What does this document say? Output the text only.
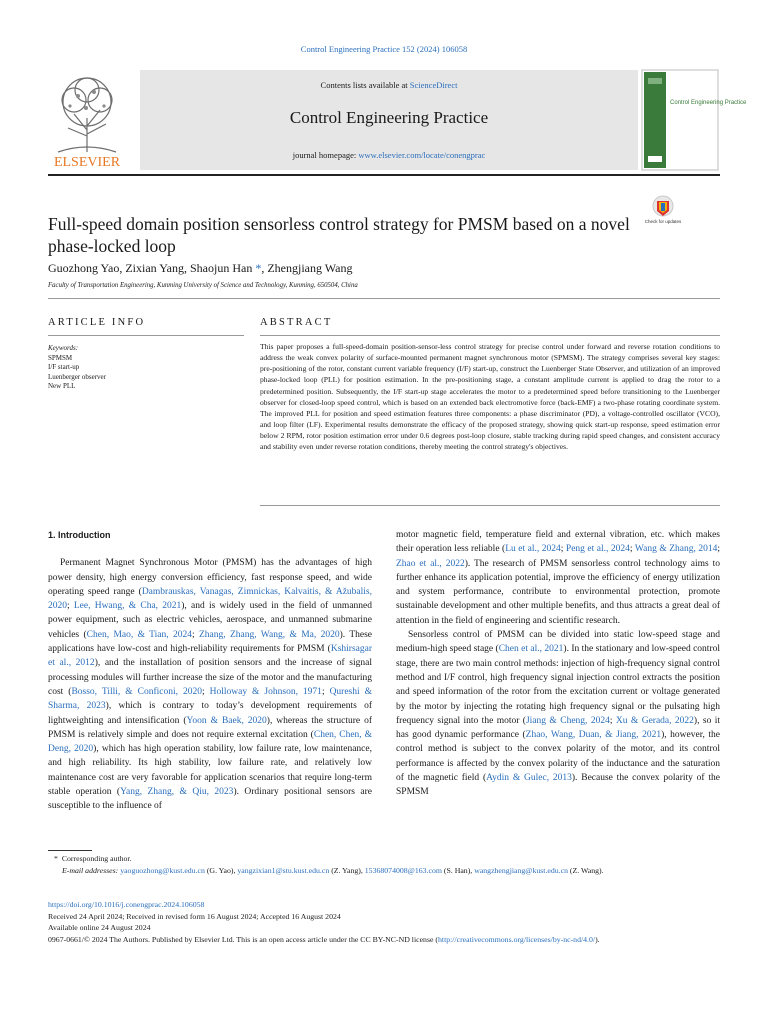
Control Engineering Practice 152 (2024) 106058
ELSEVIER
Contents lists available at ScienceDirect
Control Engineering Practice
journal homepage: www.elsevier.com/locate/conengprac
Control Engineering Practice
Full-speed domain position sensorless control strategy for PMSM based on a novel phase-locked loop
Check for updates
Guozhong Yao, Zixian Yang, Shaojun Han *, Zhengjiang Wang
Faculty of Transportation Engineering, Kunming University of Science and Technology, Kunming, 650504, China
ARTICLE INFO
Keywords:
SPMSM
I/F start-up
Luenberger observer
New PLL
ABSTRACT
This paper proposes a full-speed-domain position-sensor-less control strategy for precise control under forward and reverse rotation conditions to address the weak convex polarity of surface-mounted permanent magnet synchronous motor (SPMSM). The strategy comprises several key stages: pre-positioning of the rotor, constant current variable frequency (I/F) start-up, construct the Luenberger State Observer, and utilization of an improved phase-locked loop (PLL) for position estimation. In the pre-positioning stage, a constant amplitude current is applied to drag the rotor to a predetermined position. Subsequently, the I/F start-up stage accelerates the motor to a predetermined speed before transitioning to the Luenberger observer for closed-loop speed control, which is based on an extended back electromotive force (back-EMF) a two-phase rotating coordinate system. The improved PLL for position and speed estimation features three components: a phase discriminator (PD), a voltage-controlled oscillator (VCO), and loop filter (LF). Experimental results demonstrate the efficacy of the proposed strategy, showing quick start-up response, speed estimation error below 2 RPM, rotor position estimation error under 0.6 degrees post-loop closure, stable tracking during rapid speed changes, and consistent accuracy and stability even under reverse rotation conditions, thereby meeting the control strategy's objectives.

1. Introduction

Permanent Magnet Synchronous Motor (PMSM) has the advantages of high power density, high energy conversion efficiency, fast response speed, and wide operating speed range (Dambrauskas, Vanagas, Zimnickas, Kalvaitis, & Ažubalis, 2020; Lee, Hwang, & Cha, 2021), and is widely used in the field of unmanned power equipment, such as electric vehicles, aerospace, and unmanned submarine vehicles (Chen, Mao, & Tian, 2024; Zhang, Zhang, Wang, & Ma, 2020). These applications have low-cost and high-reliability requirements for PMSM (Kshirsagar et al., 2012), and the installation of position sensors and the increase of signal processing modules will further increase the size of the motor and the manufacturing cost (Bosso, Tilli, & Conficoni, 2020; Holloway & Johnson, 1971; Qureshi & Sharma, 2023), which is contrary to today’s development requirements of lightweighting and intensification (Yoon & Baek, 2020), whereas the structure of PMSM is relatively simple and does not require external excitation (Chen, Chen, & Deng, 2020), which has high operation stability, low failure rate, low maintenance, and high reliability. Its high stability, low failure rate, and relatively low maintenance cost are very favorable for application scenarios that require long-term stable operation (Yang, Zhang, & Qiu, 2023). Ordinary positional sensors are susceptible to the influence of

motor magnetic field, temperature field and external vibration, etc. which makes their operation less reliable (Lu et al., 2024; Peng et al., 2024; Wang & Zhang, 2014; Zhao et al., 2022). The research of PMSM sensorless control technology aims to further enhance its application potential, improve the efficiency of energy utilization and system performance, contribute to environmental protection, promote sustainable development and other multiple benefits, and thus attracts a great deal of attention in the field of engineering and scientific research.

Sensorless control of PMSM can be divided into static low-speed stage and medium-high speed stage (Chen et al., 2021). In the stationary and low-speed control stage, there are two main control methods: injection of high-frequency signal control method and I/F control, high frequency signal injection control extracts the position and speed information of the rotor from the excitation current or voltage generated by the motor by injecting the rotating high frequency signal or the pulsating high frequency signal into the motor (Jiang & Cheng, 2024; Xu & Gerada, 2022), so it has good dynamic performance (Zhao, Wang, Duan, & Jiang, 2021), however, the control method is subject to the convex polarity of the motor, and its control performance is affected by the convex polarity of the inductance and the saturation of the magnetic field (Aydin & Gulec, 2013). Because the convex polarity of the SPMSM

* Corresponding author.
E-mail addresses: yaoguozhong@kust.edu.cn (G. Yao), yangzixian1@stu.kust.edu.cn (Z. Yang), 15368074008@163.com (S. Han), wangzhengjiang@kust.edu.cn (Z. Wang).
https://doi.org/10.1016/j.conengprac.2024.106058
Received 24 April 2024; Received in revised form 16 August 2024; Accepted 16 August 2024
Available online 24 August 2024
0967-0661/© 2024 The Authors. Published by Elsevier Ltd. This is an open access article under the CC BY-NC-ND license (http://creativecommons.org/licenses/by-nc-nd/4.0/).
